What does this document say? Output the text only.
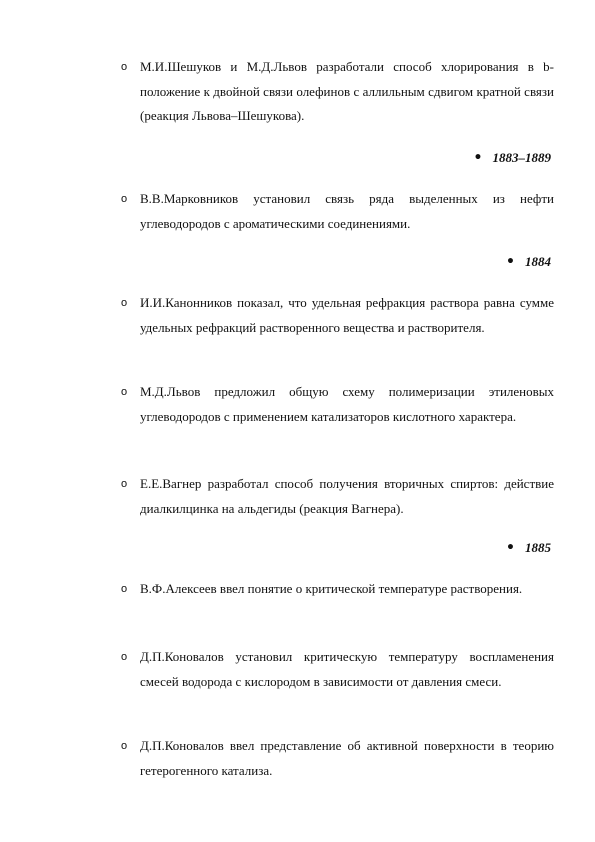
o М.И.Шешуков и М.Д.Львов разработали способ хлорирования в b-положение к двойной связи олефинов с аллильным сдвигом кратной связи (реакция Львова–Шешукова).
• 1883–1889
o В.В.Марковников установил связь ряда выделенных из нефти углеводородов с ароматическими соединениями.
• 1884
o И.И.Канонников показал, что удельная рефракция раствора равна сумме удельных рефракций растворенного вещества и растворителя.
o М.Д.Львов предложил общую схему полимеризации этиленовых углеводородов с применением катализаторов кислотного характера.
o Е.Е.Вагнер разработал способ получения вторичных спиртов: действие диалкилцинка на альдегиды (реакция Вагнера).
• 1885
o В.Ф.Алексеев ввел понятие о критической температуре растворения.
o Д.П.Коновалов установил критическую температуру воспламенения смесей водорода с кислородом в зависимости от давления смеси.
o Д.П.Коновалов ввел представление об активной поверхности в теорию гетерогенного катализа.
